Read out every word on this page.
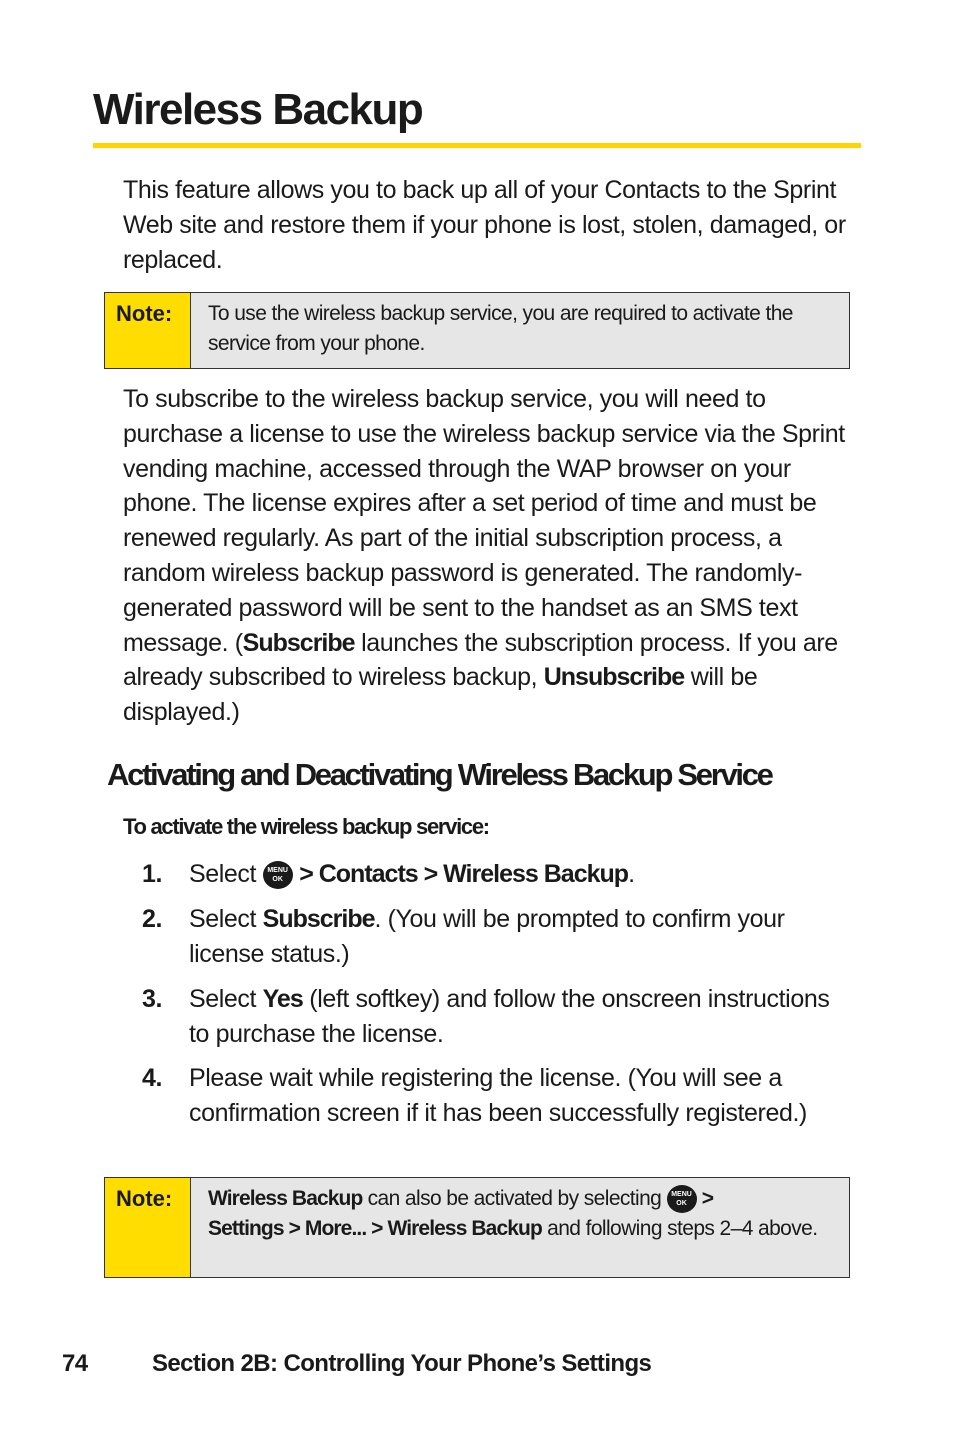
Wireless Backup

This feature allows you to back up all of your Contacts to the Sprint Web site and restore them if your phone is lost, stolen, damaged, or replaced.

Note:	To use the wireless backup service, you are required to activate the service from your phone.

To subscribe to the wireless backup service, you will need to purchase a license to use the wireless backup service via the Sprint vending machine, accessed through the WAP browser on your phone. The license expires after a set period of time and must be renewed regularly. As part of the initial subscription process, a random wireless backup password is generated. The randomly-generated password will be sent to the handset as an SMS text message. (Subscribe launches the subscription process. If you are already subscribed to wireless backup, Unsubscribe will be displayed.)

Activating and Deactivating Wireless Backup Service

To activate the wireless backup service:

1. Select MENU
OK > Contacts > Wireless Backup.
2. Select Subscribe. (You will be prompted to confirm your license status.)
3. Select Yes (left softkey) and follow the onscreen instructions to purchase the license.
4. Please wait while registering the license. (You will see a confirmation screen if it has been successfully registered.)
Note:	Wireless Backup can also be activated by selecting MENU
OK >
Settings > More... > Wireless Backup and following steps 2–4 above.
74	Section 2B: Controlling Your Phone’s Settings
